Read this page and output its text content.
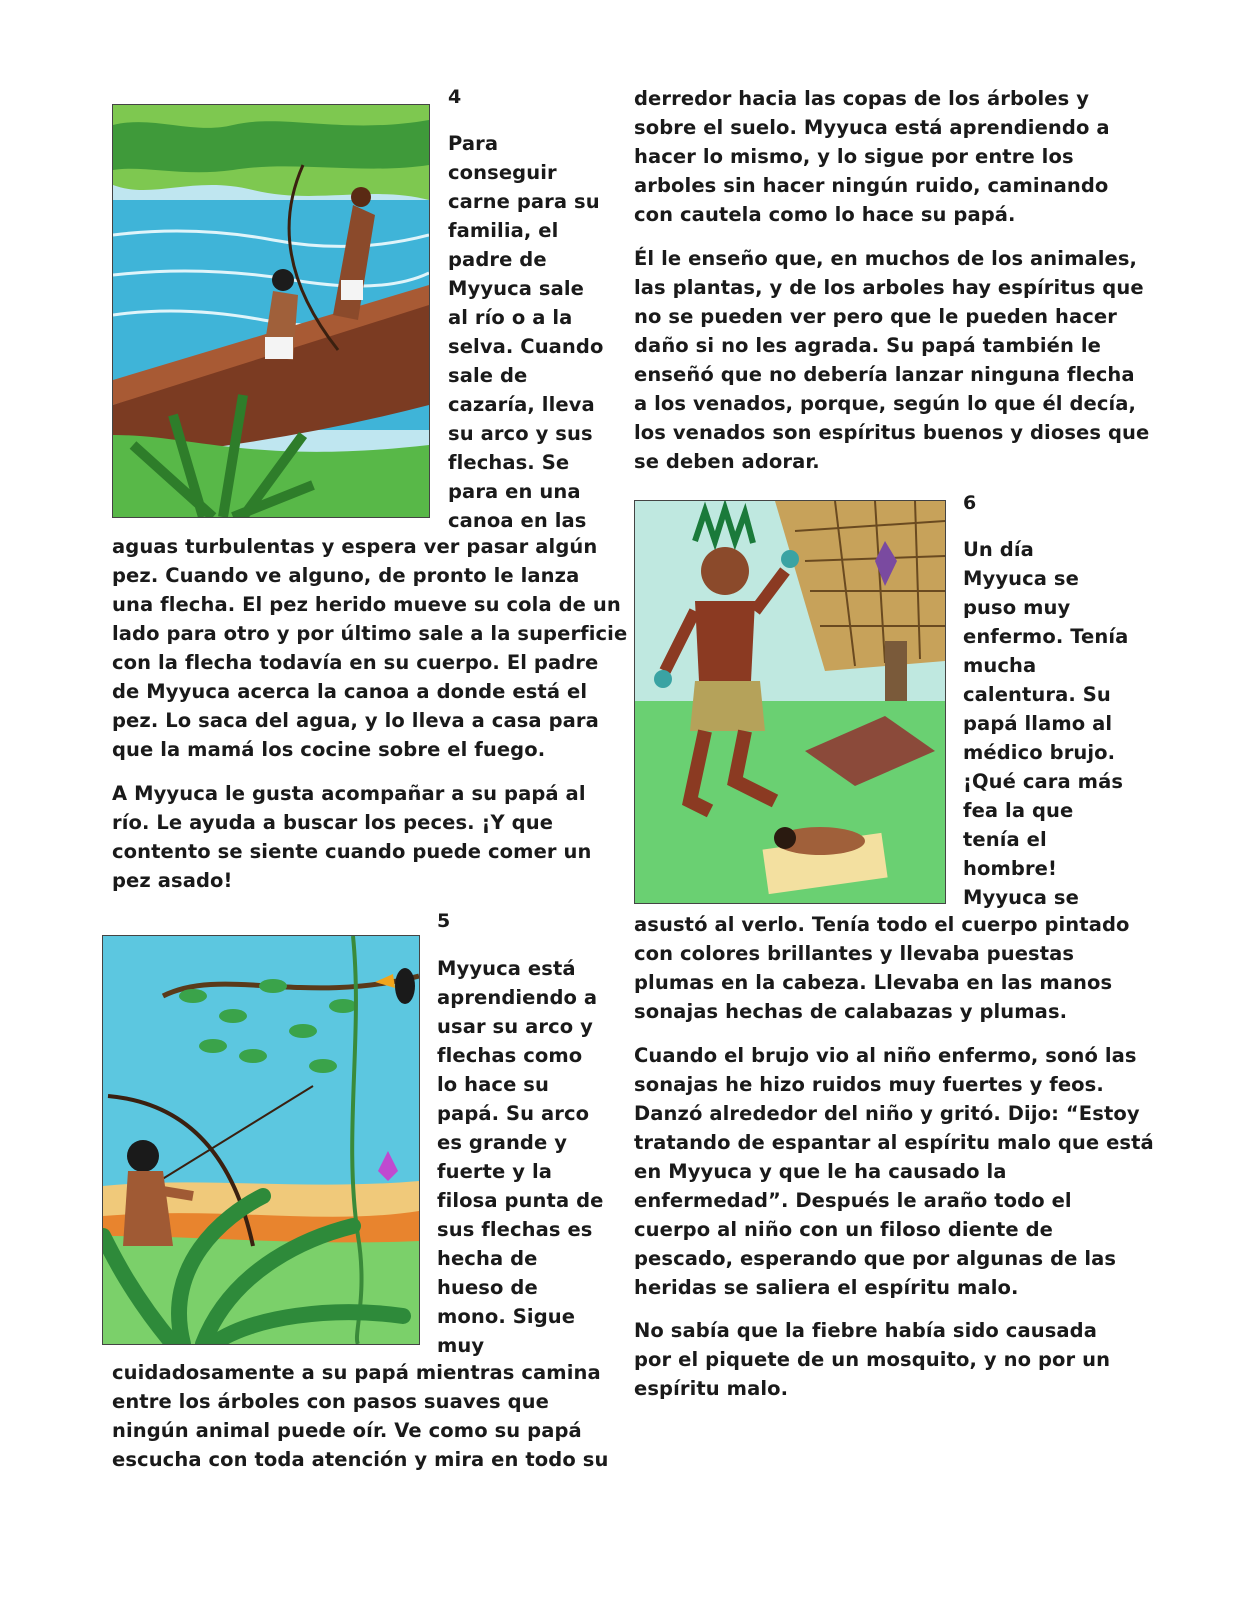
4

Para

conseguir

carne para su

familia, el

padre de

Myyuca sale

al río o a la

selva. Cuando

sale de

cazaría, lleva

su arco y sus

flechas. Se

para en una

canoa en las

aguas turbulentas y espera ver pasar algún

pez. Cuando ve alguno, de pronto le lanza

una flecha. El pez herido mueve su cola de un

lado para otro y por último sale a la superficie

con la flecha todavía en su cuerpo. El padre

de Myyuca acerca la canoa a donde está el

pez. Lo saca del agua, y lo lleva a casa para

que la mamá los cocine sobre el fuego.

A Myyuca le gusta acompañar a su papá al

río. Le ayuda a buscar los peces. ¡Y que

contento se siente cuando puede comer un

pez asado!

5

Myyuca está

aprendiendo a

usar su arco y

flechas como

lo hace su

papá. Su arco

es grande y

fuerte y la

filosa punta de

sus flechas es

hecha de

hueso de

mono. Sigue

muy

cuidadosamente a su papá mientras camina

entre los árboles con pasos suaves que

ningún animal puede oír. Ve como su papá

escucha con toda atención y mira en todo su

derredor hacia las copas de los árboles y

sobre el suelo. Myyuca está aprendiendo a

hacer lo mismo, y lo sigue por entre los

arboles sin hacer ningún ruido, caminando

con cautela como lo hace su papá.

Él le enseño que, en muchos de los animales,

las plantas, y de los arboles hay espíritus que

no se pueden ver pero que le pueden hacer

daño si no les agrada. Su papá también le

enseñó que no debería lanzar ninguna flecha

a los venados, porque, según lo que él decía,

los venados son espíritus buenos y dioses que

se deben adorar.

6

Un día

Myyuca se

puso muy

enfermo. Tenía

mucha

calentura. Su

papá llamo al

médico brujo.

¡Qué cara más

fea la que

tenía el

hombre!

Myyuca se

asustó al verlo. Tenía todo el cuerpo pintado

con colores brillantes y llevaba puestas

plumas en la cabeza. Llevaba en las manos

sonajas hechas de calabazas y plumas.

Cuando el brujo vio al niño enfermo, sonó las

sonajas he hizo ruidos muy fuertes y feos.

Danzó alrededor del niño y gritó. Dijo: “Estoy

tratando de espantar al espíritu malo que está

en Myyuca y que le ha causado la

enfermedad”. Después le araño todo el

cuerpo al niño con un filoso diente de

pescado, esperando que por algunas de las

heridas se saliera el espíritu malo.

No sabía que la fiebre había sido causada

por el piquete de un mosquito, y no por un

espíritu malo.
